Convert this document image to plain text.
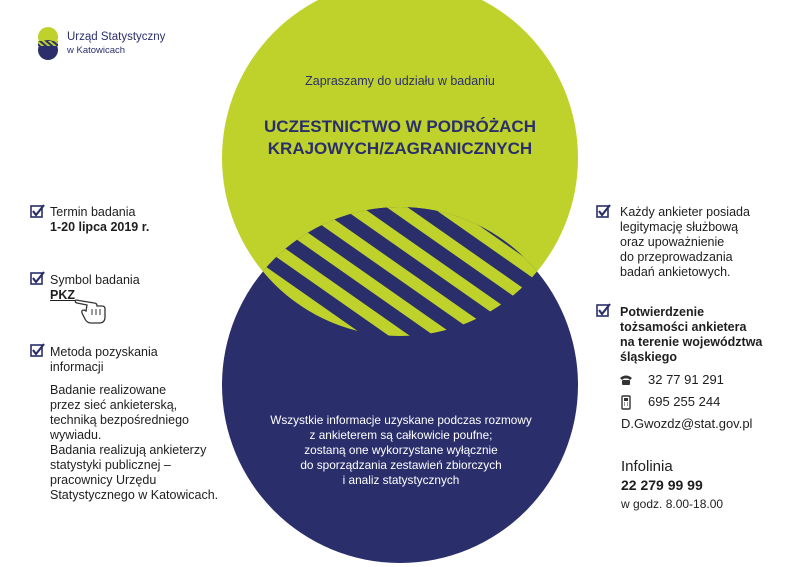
Urząd Statystyczny
w Katowicach
Zapraszamy do udziału w badaniu
UCZESTNICTWO W PODRÓŻACH
KRAJOWYCH/ZAGRANICZNYCH
Wszystkie informacje uzyskane podczas rozmowy
z ankieterem są całkowicie poufne;
zostaną one wykorzystane wyłącznie
do sporządzania zestawień zbiorczych
i analiz statystycznych
Termin badania
1-20 lipca 2019 r.
Symbol badania
PKZ
Metoda pozyskania
informacji
Badanie realizowane
przez sieć ankieterską,
techniką bezpośredniego
wywiadu.
Badania realizują ankieterzy
statystyki publicznej –
pracownicy Urzędu
Statystycznego w Katowicach.
Każdy ankieter posiada
legitymację służbową
oraz upoważnienie
do przeprowadzania
badań ankietowych.
Potwierdzenie
tożsamości ankietera
na terenie województwa
śląskiego
32 77 91 291
695 255 244
D.Gwozdz@stat.gov.pl
Infolinia
22 279 99 99
w godz. 8.00-18.00
